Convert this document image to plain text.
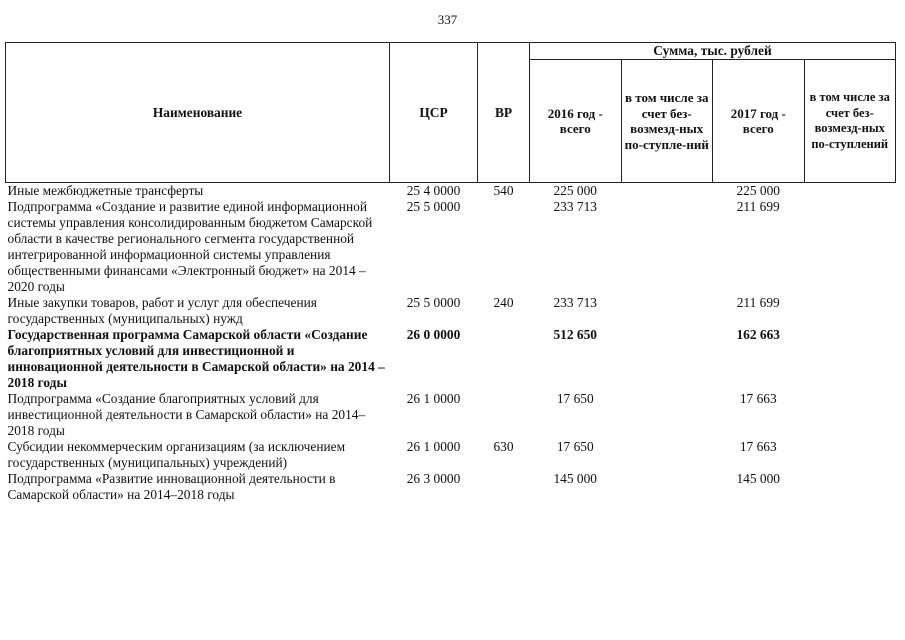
337
Наименование	ЦСР	ВР	Сумма, тыс. рублей			
			2016 год - всего	в том числе за счет без-возмезд-ных по-ступле-ний	2017 год - всего	в том числе за счет без-возмезд-ных по-ступлений
Иные межбюджетные трансферты	25 4 0000	540	225 000		225 000	
Подпрограмма «Создание и развитие единой информационной системы управления консолидированным бюджетом Самарской области в качестве регионального сегмента государственной интегрированной информационной системы управления общественными финансами «Электронный бюджет» на 2014 – 2020 годы	25 5 0000		233 713		211 699	
Иные закупки товаров, работ и услуг для обеспечения государственных (муниципальных) нужд	25 5 0000	240	233 713		211 699	
Государственная программа Самарской области «Создание благоприятных условий для инвестиционной и инновационной деятельности в Самарской области» на 2014 – 2018 годы	26 0 0000		512 650		162 663	
Подпрограмма «Создание благоприятных условий для инвестиционной деятельности в Самарской области» на 2014–2018 годы	26 1 0000		17 650		17 663	
Субсидии некоммерческим организациям (за исключением государственных (муниципальных) учреждений)	26 1 0000	630	17 650		17 663	
Подпрограмма «Развитие инновационной деятельности в Самарской области» на 2014–2018 годы	26 3 0000		145 000		145 000	
